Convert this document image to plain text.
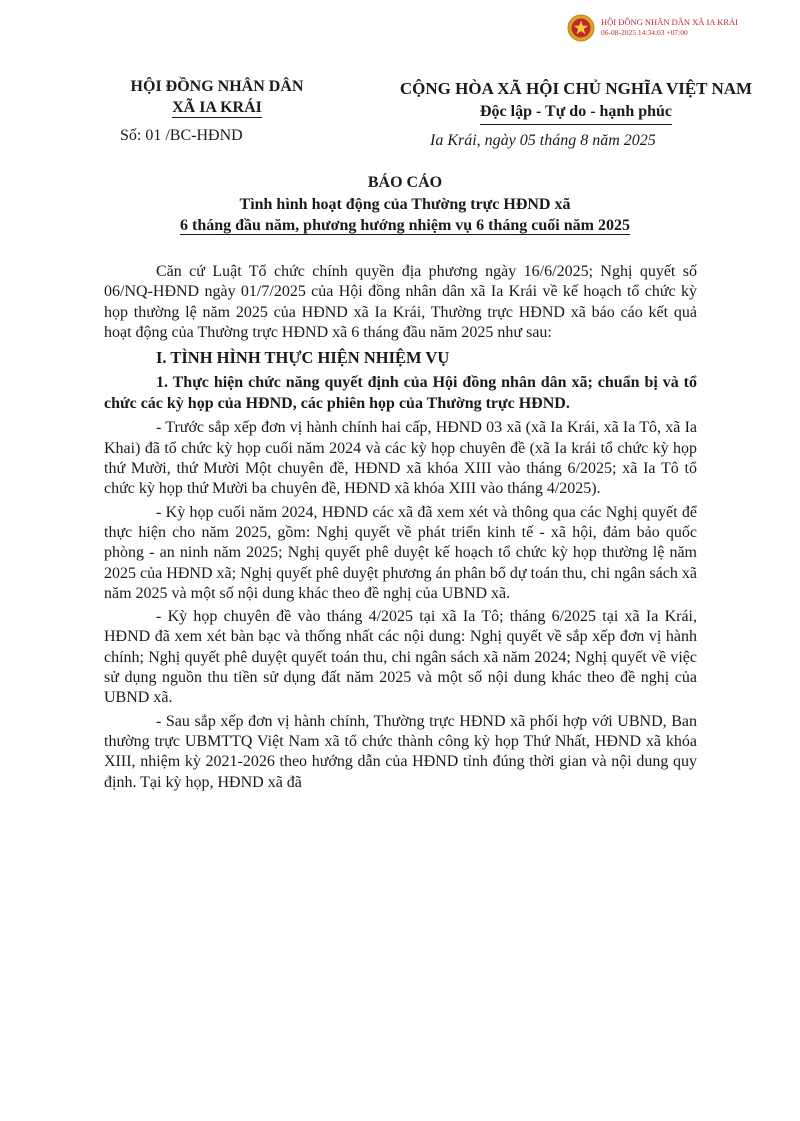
HỘI ĐỒNG NHÂN DÂN XÃ IA KRÁI
06-08-2025 14:34:03 +07:00
HỘI ĐỒNG NHÂN DÂN
XÃ IA KRÁI
Số: 01 /BC-HĐND
CỘNG HÒA XÃ HỘI CHỦ NGHĨA VIỆT NAM
Độc lập - Tự do - hạnh phúc
Ia Krái, ngày 05 tháng 8 năm 2025
BÁO CÁO
Tình hình hoạt động của Thường trực HĐND xã
6 tháng đầu năm, phương hướng nhiệm vụ 6 tháng cuối năm 2025

Căn cứ Luật Tổ chức chính quyền địa phương ngày 16/6/2025; Nghị quyết số 06/NQ-HĐND ngày 01/7/2025 của Hội đồng nhân dân xã Ia Krái về kế hoạch tổ chức kỳ họp thường lệ năm 2025 của HĐND xã Ia Krái, Thường trực HĐND xã báo cáo kết quả hoạt động của Thường trực HĐND xã 6 tháng đầu năm 2025 như sau:

I. TÌNH HÌNH THỰC HIỆN NHIỆM VỤ

1. Thực hiện chức năng quyết định của Hội đồng nhân dân xã; chuẩn bị và tổ chức các kỳ họp của HĐND, các phiên họp của Thường trực HĐND.

- Trước sắp xếp đơn vị hành chính hai cấp, HĐND 03 xã (xã Ia Krái, xã Ia Tô, xã Ia Khai) đã tổ chức kỳ họp cuối năm 2024 và các kỳ họp chuyên đề (xã Ia krái tổ chức kỳ họp thứ Mười, thứ Mười Một chuyên đề, HĐND xã khóa XIII vào tháng 6/2025; xã Ia Tô tổ chức kỳ họp thứ Mười ba chuyên đề, HĐND xã khóa XIII vào tháng 4/2025).

- Kỳ họp cuối năm 2024, HĐND các xã đã xem xét và thông qua các Nghị quyết để thực hiện cho năm 2025, gồm: Nghị quyết về phát triển kinh tế - xã hội, đảm bảo quốc phòng - an ninh năm 2025; Nghị quyết phê duyệt kế hoạch tổ chức kỳ họp thường lệ năm 2025 của HĐND xã; Nghị quyết phê duyệt phương án phân bổ dự toán thu, chi ngân sách xã năm 2025 và một số nội dung khác theo đề nghị của UBND xã.

- Kỳ họp chuyên đề vào tháng 4/2025 tại xã Ia Tô; tháng 6/2025 tại xã Ia Krái, HĐND đã xem xét bàn bạc và thống nhất các nội dung: Nghị quyết về sắp xếp đơn vị hành chính; Nghị quyết phê duyệt quyết toán thu, chi ngân sách xã năm 2024; Nghị quyết về việc sử dụng nguồn thu tiền sử dụng đất năm 2025 và một số nội dung khác theo đề nghị của UBND xã.

- Sau sắp xếp đơn vị hành chính, Thường trực HĐND xã phối hợp với UBND, Ban thường trực UBMTTQ Việt Nam xã tổ chức thành công kỳ họp Thứ Nhất, HĐND xã khóa XIII, nhiệm kỳ 2021-2026 theo hướng dẫn của HĐND tỉnh đúng thời gian và nội dung quy định. Tại kỳ họp, HĐND xã đã
